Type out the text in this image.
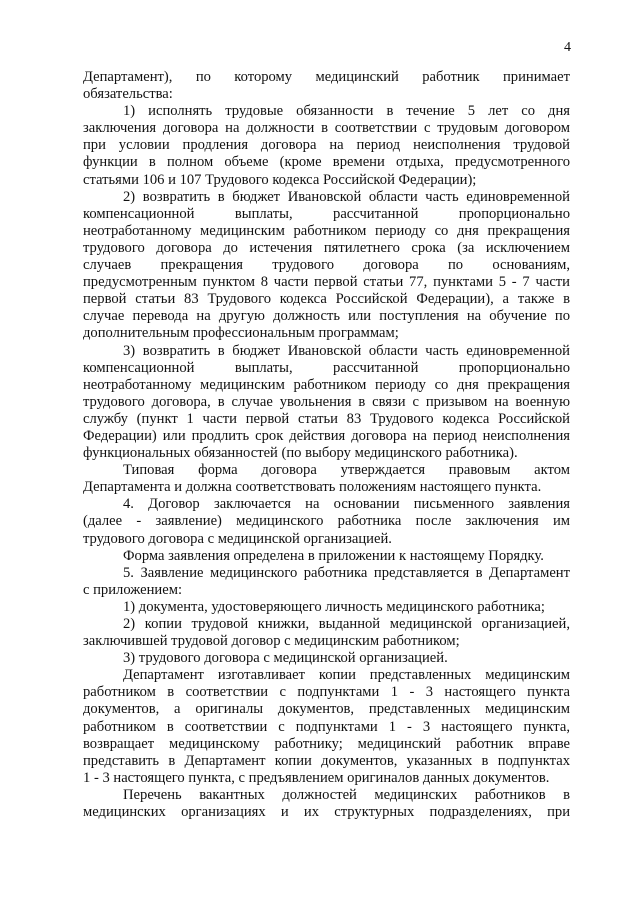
4
Департамент), по которому медицинский работник принимает
обязательства:
1) исполнять трудовые обязанности в течение 5 лет со дня
заключения договора на должности в соответствии с трудовым договором
при условии продления договора на период неисполнения трудовой
функции в полном объеме (кроме времени отдыха, предусмотренного
статьями 106 и 107 Трудового кодекса Российской Федерации);
2) возвратить в бюджет Ивановской области часть единовременной
компенсационной выплаты, рассчитанной пропорционально
неотработанному медицинским работником периоду со дня прекращения
трудового договора до истечения пятилетнего срока (за исключением
случаев прекращения трудового договора по основаниям,
предусмотренным пунктом 8 части первой статьи 77, пунктами 5 - 7 части
первой статьи 83 Трудового кодекса Российской Федерации), а также в
случае перевода на другую должность или поступления на обучение по
дополнительным профессиональным программам;
3) возвратить в бюджет Ивановской области часть единовременной
компенсационной выплаты, рассчитанной пропорционально
неотработанному медицинским работником периоду со дня прекращения
трудового договора, в случае увольнения в связи с призывом на военную
службу (пункт 1 части первой статьи 83 Трудового кодекса Российской
Федерации) или продлить срок действия договора на период неисполнения
функциональных обязанностей (по выбору медицинского работника).
Типовая форма договора утверждается правовым актом
Департамента и должна соответствовать положениям настоящего пункта.
4. Договор заключается на основании письменного заявления
(далее - заявление) медицинского работника после заключения им
трудового договора с медицинской организацией.
Форма заявления определена в приложении к настоящему Порядку.
5. Заявление медицинского работника представляется в Департамент
с приложением:
1) документа, удостоверяющего личность медицинского работника;
2) копии трудовой книжки, выданной медицинской организацией,
заключившей трудовой договор с медицинским работником;
3) трудового договора с медицинской организацией.
Департамент изготавливает копии представленных медицинским
работником в соответствии с подпунктами 1 - 3 настоящего пункта
документов, а оригиналы документов, представленных медицинским
работником в соответствии с подпунктами 1 - 3 настоящего пункта,
возвращает медицинскому работнику; медицинский работник вправе
представить в Департамент копии документов, указанных в подпунктах
1 - 3 настоящего пункта, с предъявлением оригиналов данных документов.
Перечень вакантных должностей медицинских работников в
медицинских организациях и их структурных подразделениях, при
